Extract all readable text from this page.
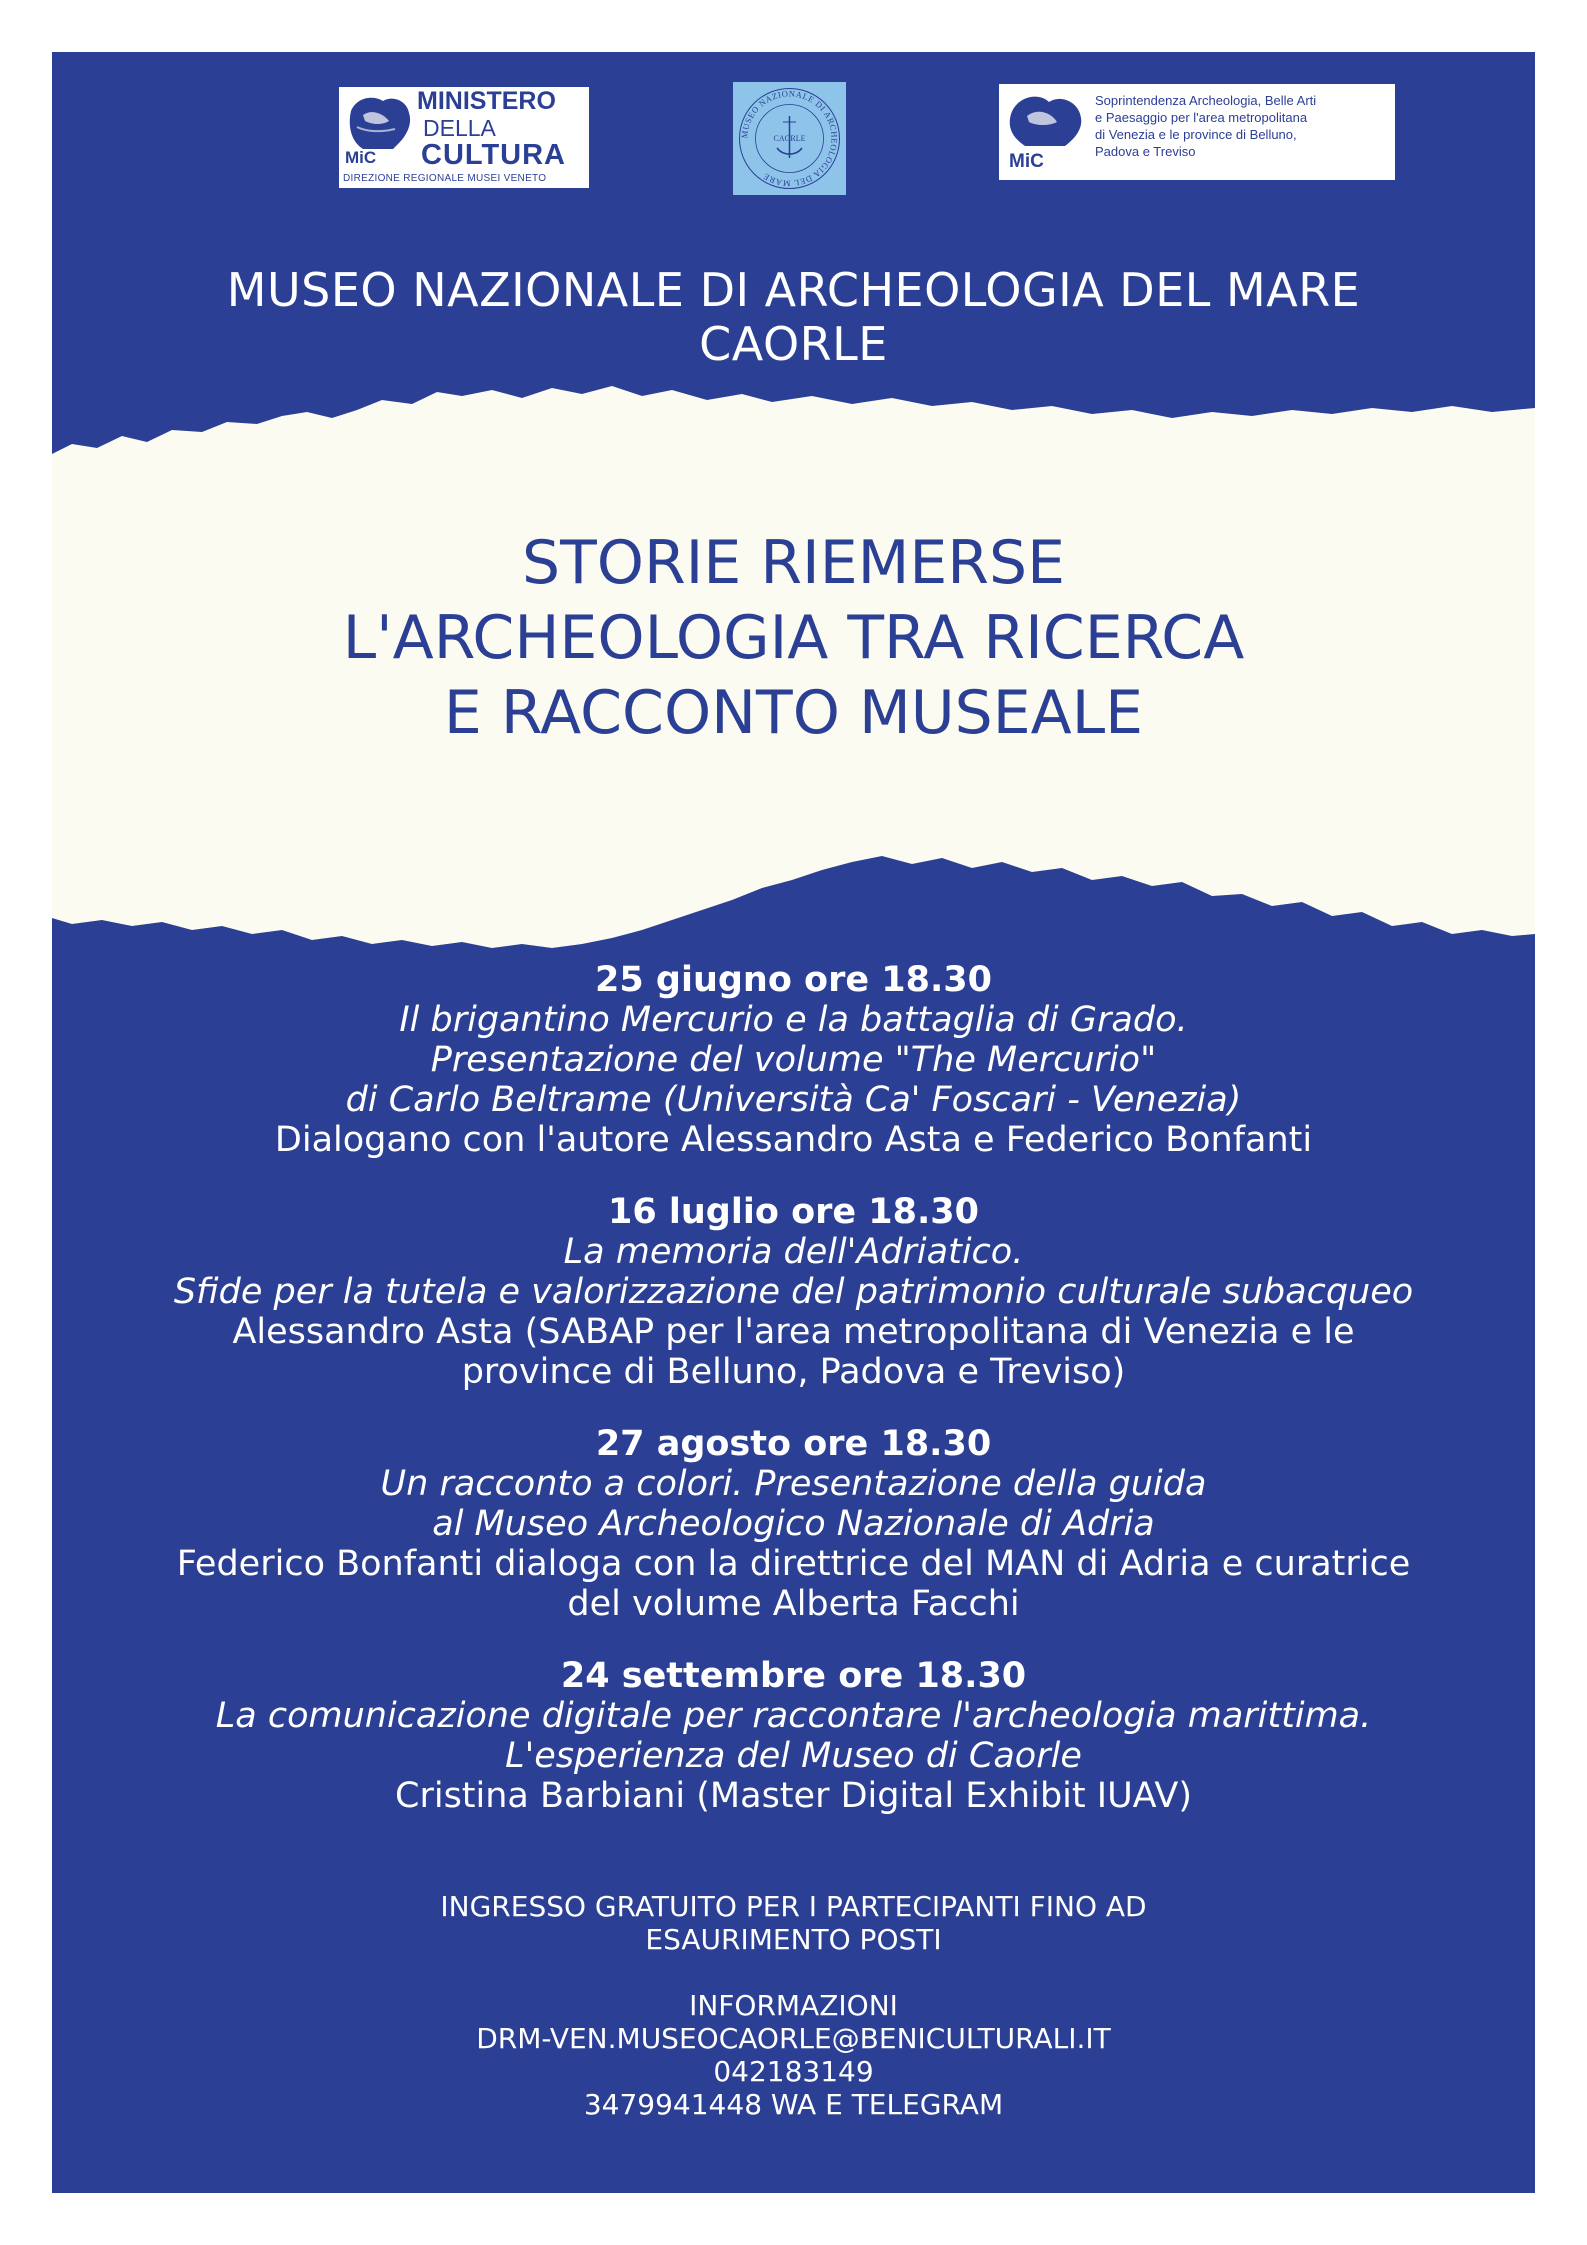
MiC
MINISTERO
DELLA
CULTURA
DIREZIONE REGIONALE MUSEI VENETO
MUSEO NAZIONALE DI ARCHEOLOGIA DEL MARE
CAORLE
MiC
Soprintendenza Archeologia, Belle Arti
e Paesaggio per l'area metropolitana
di Venezia e le province di Belluno,
Padova e Treviso
MUSEO NAZIONALE DI ARCHEOLOGIA DEL MARE
CAORLE
STORIE RIEMERSE
L'ARCHEOLOGIA TRA RICERCA
E RACCONTO MUSEALE
25 giugno ore 18.30
Il brigantino Mercurio e la battaglia di Grado.
Presentazione del volume "The Mercurio"
di Carlo Beltrame (Università Ca' Foscari - Venezia)
Dialogano con l'autore Alessandro Asta e Federico Bonfanti
16 luglio ore 18.30
La memoria dell'Adriatico.
Sfide per la tutela e valorizzazione del patrimonio culturale subacqueo
Alessandro Asta (SABAP per l'area metropolitana di Venezia e le
province di Belluno, Padova e Treviso)
27 agosto ore 18.30
Un racconto a colori. Presentazione della guida
al Museo Archeologico Nazionale di Adria
Federico Bonfanti dialoga con la direttrice del MAN di Adria e curatrice
del volume Alberta Facchi
24 settembre ore 18.30
La comunicazione digitale per raccontare l'archeologia marittima.
L'esperienza del Museo di Caorle
Cristina Barbiani (Master Digital Exhibit IUAV)
INGRESSO GRATUITO PER I PARTECIPANTI FINO AD
ESAURIMENTO POSTI
INFORMAZIONI
DRM-VEN.MUSEOCAORLE@BENICULTURALI.IT
042183149
3479941448 WA E TELEGRAM
